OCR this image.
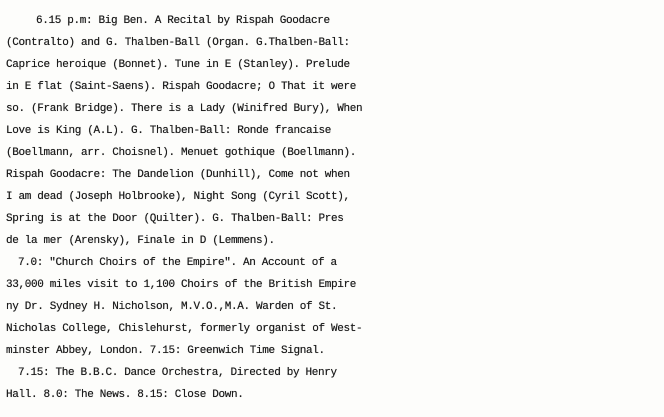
6.15 p.m: Big Ben. A Recital by Rispah Goodacre
(Contralto) and G. Thalben-Ball (Organ. G.Thalben-Ball:
Caprice heroique (Bonnet). Tune in E (Stanley). Prelude
in E flat (Saint-Saens). Rispah Goodacre; O That it were
so. (Frank Bridge). There is a Lady (Winifred Bury), When
Love is King (A.L). G. Thalben-Ball: Ronde francaise
(Boellmann, arr. Choisnel). Menuet gothique (Boellmann).
Rispah Goodacre: The Dandelion (Dunhill), Come not when
I am dead (Joseph Holbrooke), Night Song (Cyril Scott),
Spring is at the Door (Quilter). G. Thalben-Ball: Pres
de la mer (Arensky), Finale in D (Lemmens).
7.0: "Church Choirs of the Empire". An Account of a
33,000 miles visit to 1,100 Choirs of the British Empire
ny Dr. Sydney H. Nicholson, M.V.O.,M.A. Warden of St.
Nicholas College, Chislehurst, formerly organist of West-
minster Abbey, London. 7.15: Greenwich Time Signal.
7.15: The B.B.C. Dance Orchestra, Directed by Henry
Hall. 8.0: The News. 8.15: Close Down.
